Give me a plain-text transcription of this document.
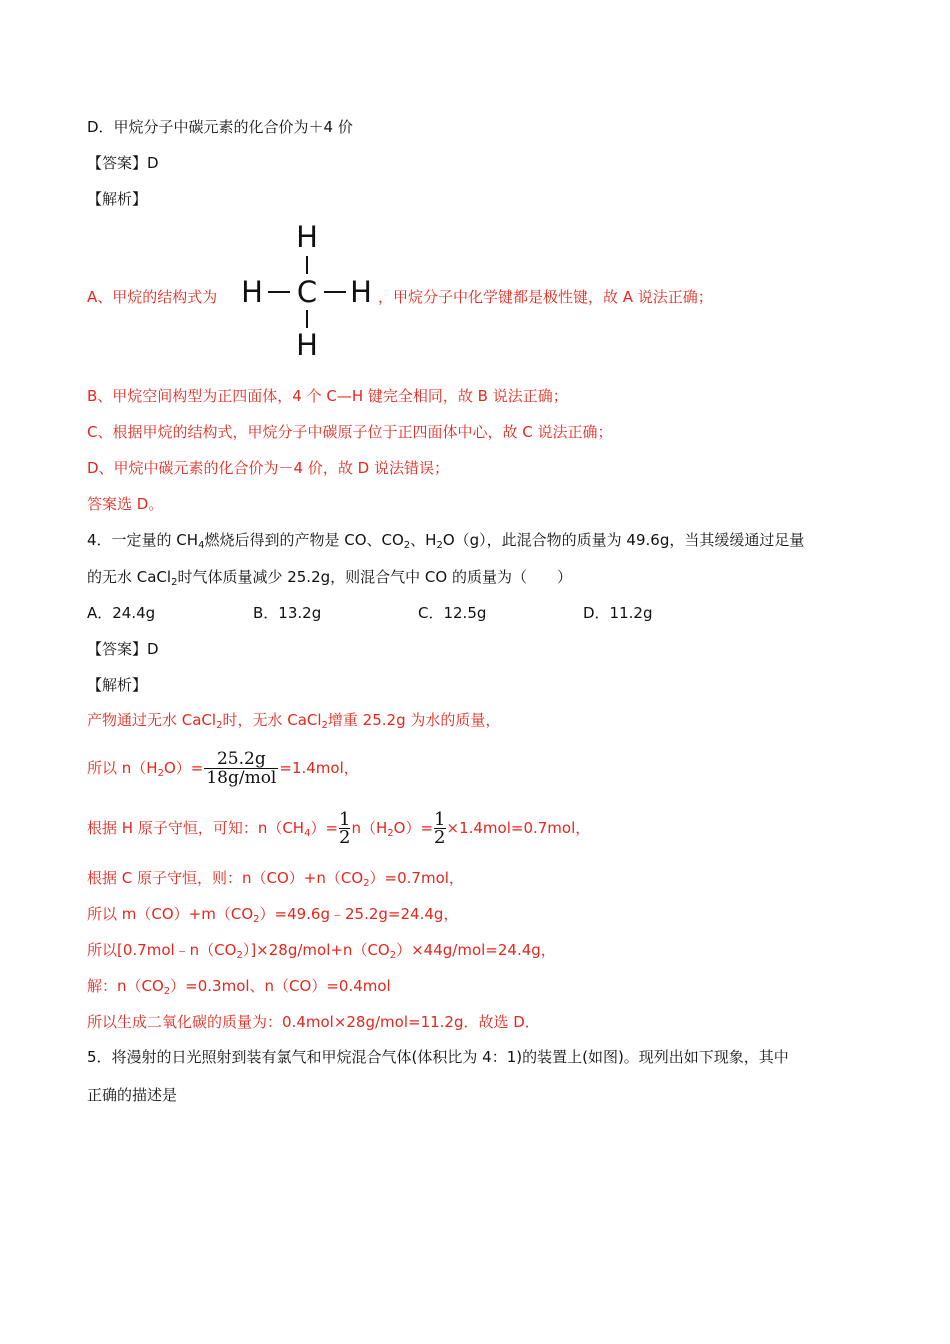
D．甲烷分子中碳元素的化合价为＋4 价
【答案】D
【解析】
A、甲烷的结构式为
H
H C H
H
，甲烷分子中化学键都是极性键，故 A 说法正确；
B、甲烷空间构型为正四面体，4 个 C—H 键完全相同，故 B 说法正确；
C、根据甲烷的结构式，甲烷分子中碳原子位于正四面体中心，故 C 说法正确；
D、甲烷中碳元素的化合价为－4 价，故 D 说法错误；
答案选 D。
4．一定量的 $CH_4$燃烧后得到的产物是 CO、$CO_2$、$H_2O(g)$，此混合物的质量为 49.6g，当其缓缓通过足量
的无水 CaCl$_2$时气体质量减少 25.2g，则混合气中 CO 的质量为（　　）
A．24.4g	B．13.2g	C．12.5g	D．11.2g
【答案】D
【解析】
产物通过无水 CaCl$_2$时，无水 CaCl$_2$增重 25.2g 为水的质量，
所以 $n(H_2O)= \frac{25.2g}{\text{18g/mol}} =1.4mol$，
根据 H 原子守恒，可知：$n(CH_4)= \frac{1}{2} n(H_2O)= \frac{1}{2} \times 1.4mol=0.7mol$，
根据 C 原子守恒，则：$n(CO)+n(CO_2)=0.7mol$，
所以 $m(CO)+m(CO_2)=49.6g﹣25.2g=24.4g$，
所以$[0.7mol﹣n(CO_2)]\times 28g/mol+n(CO_2)\times 44g/mol=24.4g$，
解：$n(CO_2)=0.3mol$、n（CO）=0.4mol
所以生成二氧化碳的质量为：0.4mol×28g/mol=11.2g．故选 D．
5．将漫射的日光照射到装有氯气和甲烷混合气体(体积比为 4：1)的装置上(如图)。现列出如下现象，其中
正确的描述是
